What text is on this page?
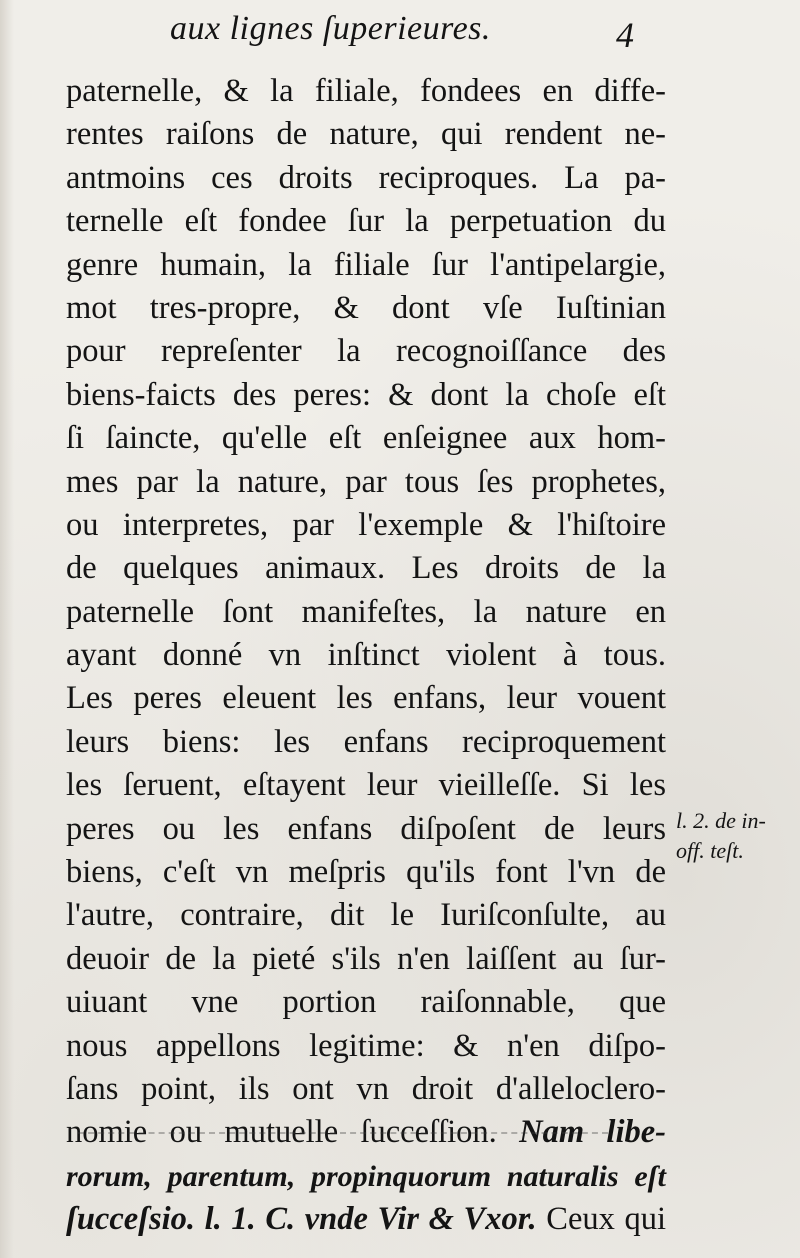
aux lignes ſuperieures.	4
paternelle, & la filiale, fondees en diffe-
rentes raiſons de nature, qui rendent ne-
antmoins ces droits reciproques. La pa-
ternelle eſt fondee ſur la perpetuation du
genre humain, la filiale ſur l'antipelargie,
mot tres-propre, & dont vſe Iuſtinian
pour repreſenter la recognoiſſance des
biens-faicts des peres: & dont la choſe eſt
ſi ſaincte, qu'elle eſt enſeignee aux hom-
mes par la nature, par tous ſes prophetes,
ou interpretes, par l'exemple & l'hiſtoire
de quelques animaux. Les droits de la
paternelle ſont manifeſtes, la nature en
ayant donné vn inſtinct violent à tous.
Les peres eleuent les enfans, leur vouent
leurs biens: les enfans reciproquement
les ſeruent, eſtayent leur vieilleſſe. Si les
peres ou les enfans diſpoſent de leurs
biens, c'eſt vn meſpris qu'ils font l'vn de
l'autre, contraire, dit le Iuriſconſulte, au
deuoir de la pieté s'ils n'en laiſſent au ſur-
uiuant vne portion raiſonnable, que
nous appellons legitime: & n'en diſpo-
ſans point, ils ont vn droit d'alleloclero-
nomie ou mutuelle ſucceſſion. Nam libe-
rorum, parentum, propinquorum naturalis eſt
ſucceſsio. l. 1. C. vnde Vir & Vxor. Ceux qui
l. 2. de in-
off. teſt.
